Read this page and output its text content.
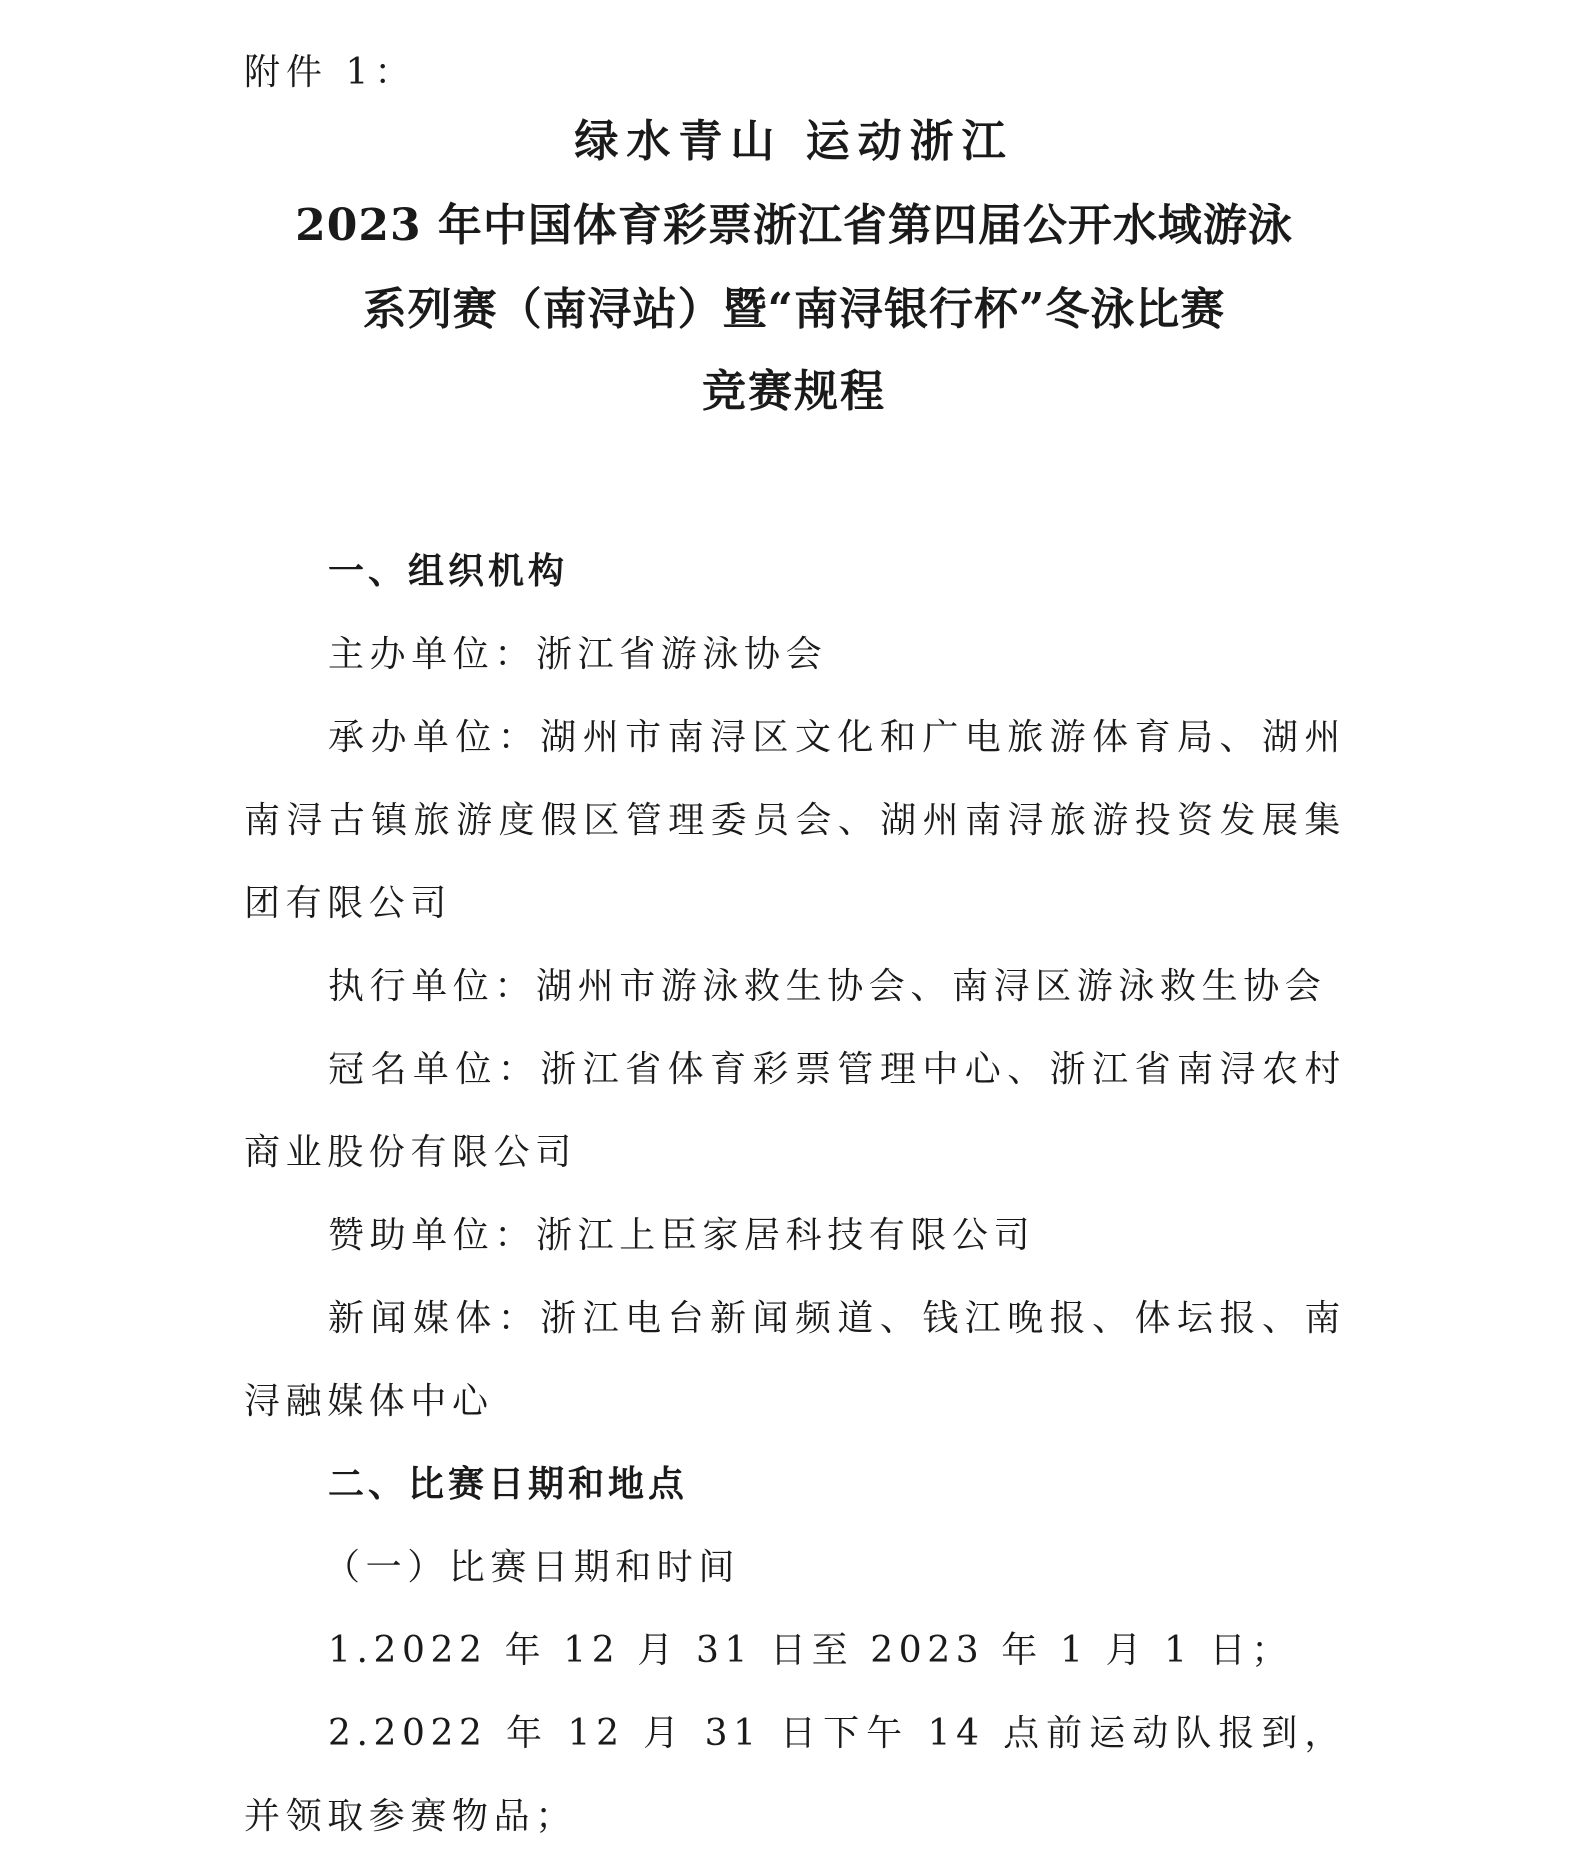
附件 1：
绿水青山 运动浙江
2023 年中国体育彩票浙江省第四届公开水域游泳
系列赛（南浔站）暨“南浔银行杯”冬泳比赛
竞赛规程

一、组织机构

主办单位：浙江省游泳协会

承办单位：湖州市南浔区文化和广电旅游体育局、湖州南浔古镇旅游度假区管理委员会、湖州南浔旅游投资发展集团有限公司

执行单位：湖州市游泳救生协会、南浔区游泳救生协会

冠名单位：浙江省体育彩票管理中心、浙江省南浔农村商业股份有限公司

赞助单位：浙江上臣家居科技有限公司

新闻媒体：浙江电台新闻频道、钱江晚报、体坛报、南浔融媒体中心

二、比赛日期和地点

（一）比赛日期和时间

1.2022 年 12 月 31 日至 2023 年 1 月 1 日；

2.2022 年 12 月 31 日下午 14 点前运动队报到，并领取参赛物品；
